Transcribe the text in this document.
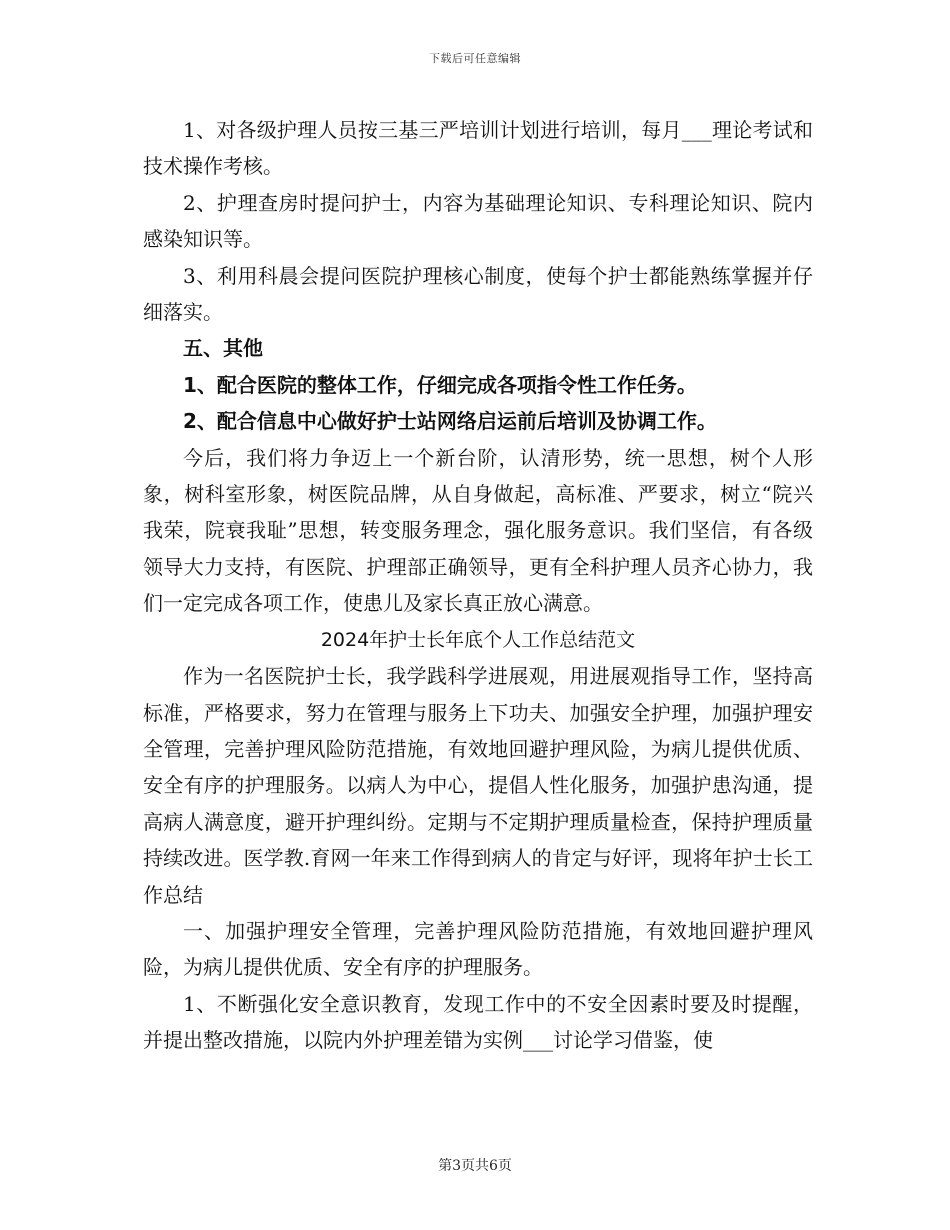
下载后可任意编辑

1、对各级护理人员按三基三严培训计划进行培训，每月___理论考试和技术操作考核。

2、护理查房时提问护士，内容为基础理论知识、专科理论知识、院内感染知识等。

3、利用科晨会提问医院护理核心制度，使每个护士都能熟练掌握并仔细落实。

五、其他

1、配合医院的整体工作，仔细完成各项指令性工作任务。

2、配合信息中心做好护士站网络启运前后培训及协调工作。

今后，我们将力争迈上一个新台阶，认清形势，统一思想，树个人形象，树科室形象，树医院品牌，从自身做起，高标准、严要求，树立“院兴我荣，院衰我耻”思想，转变服务理念，强化服务意识。我们坚信，有各级领导大力支持，有医院、护理部正确领导，更有全科护理人员齐心协力，我们一定完成各项工作，使患儿及家长真正放心满意。

2024年护士长年底个人工作总结范文

作为一名医院护士长，我学践科学进展观，用进展观指导工作，坚持高标准，严格要求，努力在管理与服务上下功夫、加强安全护理，加强护理安全管理，完善护理风险防范措施，有效地回避护理风险，为病儿提供优质、安全有序的护理服务。以病人为中心，提倡人性化服务，加强护患沟通，提高病人满意度，避开护理纠纷。定期与不定期护理质量检查，保持护理质量持续改进。医学教.育网一年来工作得到病人的肯定与好评，现将年护士长工作总结

一、加强护理安全管理，完善护理风险防范措施，有效地回避护理风险，为病儿提供优质、安全有序的护理服务。

1、不断强化安全意识教育，发现工作中的不安全因素时要及时提醒，并提出整改措施，以院内外护理差错为实例___讨论学习借鉴，使

第3页共6页
